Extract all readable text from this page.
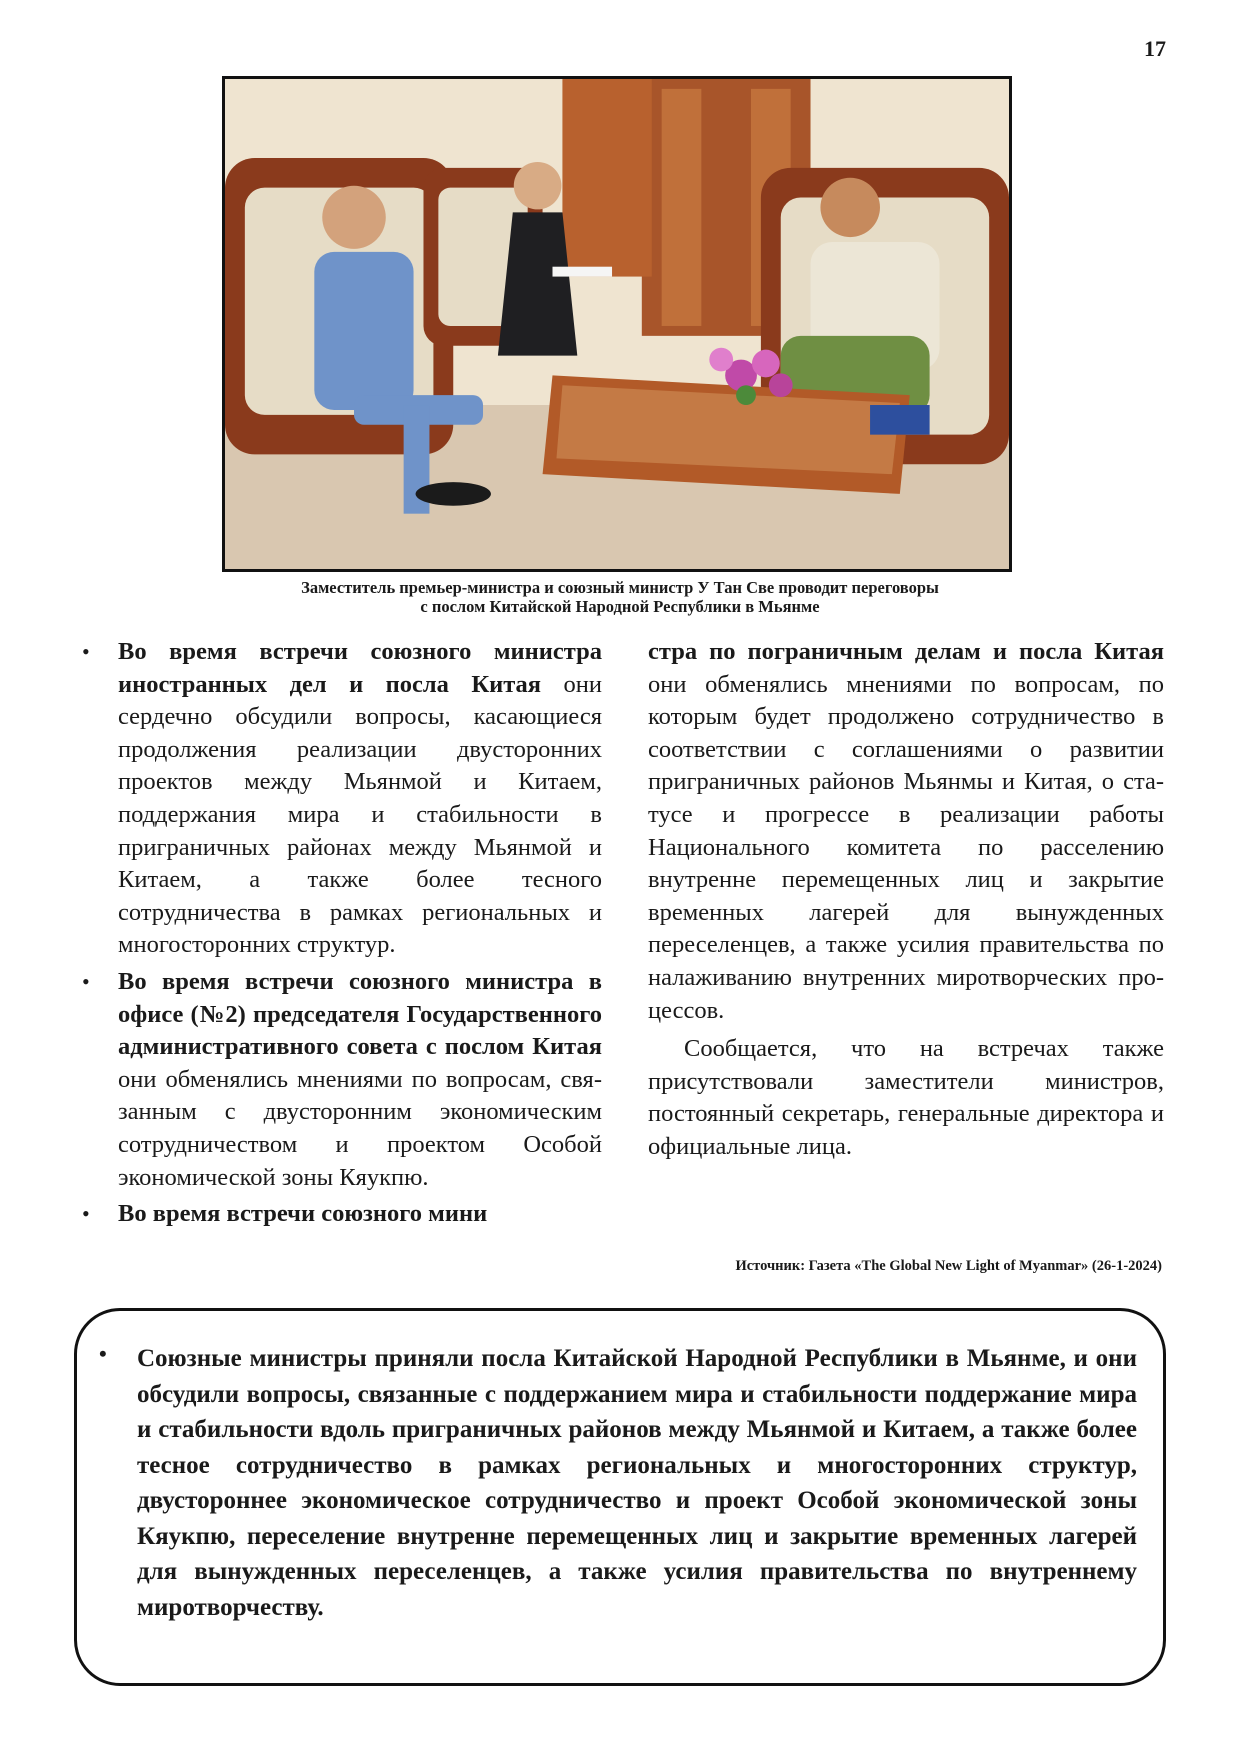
17
Заместитель премьер-министра и союзный министр У Тан Све проводит переговоры
с послом Китайской Народной Республики в Мьянме
• Во время встречи союзного министра иностранных дел и посла Китая они сердечно обсудили вопросы, касающиеся продолжения реализации двусторонних проектов между Мьянмой и Китаем, поддержания мира и стабильности в приграничных районах между Мьянмой и Китаем, а также более тесного сотрудничества в рамках региональных и многосторонних структур.

• Во время встречи союзного министра в офисе (№2) председателя Государственного административного совета с послом Китая они обменялись мнениями по вопросам, связанным с двусторонним экономическим сотрудничеством и проектом Особой экономической зоны Кяукпю.

• Во время встречи союзного мини

стра по пограничным делам и посла Китая они обменялись мнениями по вопросам, по которым будет продолжено сотрудничество в соответствии с соглашениями о развитии приграничных районов Мьянмы и Китая, о статусе и прогрессе в реализации работы Национального комитета по расселению внутренне перемещенных лиц и закрытие временных лагерей для вынужденных переселенцев, а также усилия правительства по налаживанию внутренних миротворческих процессов.

Сообщается, что на встречах также присутствовали заместители министров, постоянный секретарь, генеральные директора и официальные лица.

Источник: Газета «The Global New Light of Myanmar» (26-1-2024)
• Союзные министры приняли посла Китайской Народной Республики в Мьянме, и они обсудили вопросы, связанные с поддержанием мира и стабильности поддержание мира и стабильности вдоль приграничных районов между Мьянмой и Китаем, а также более тесное сотрудничество в рамках региональных и многосторонних структур, двустороннее экономическое сотрудничество и проект Особой экономической зоны Кяукпю, переселение внутренне перемещенных лиц и закрытие временных лагерей для вынужденных переселенцев, а также усилия правительства по внутреннему миротворчеству.
